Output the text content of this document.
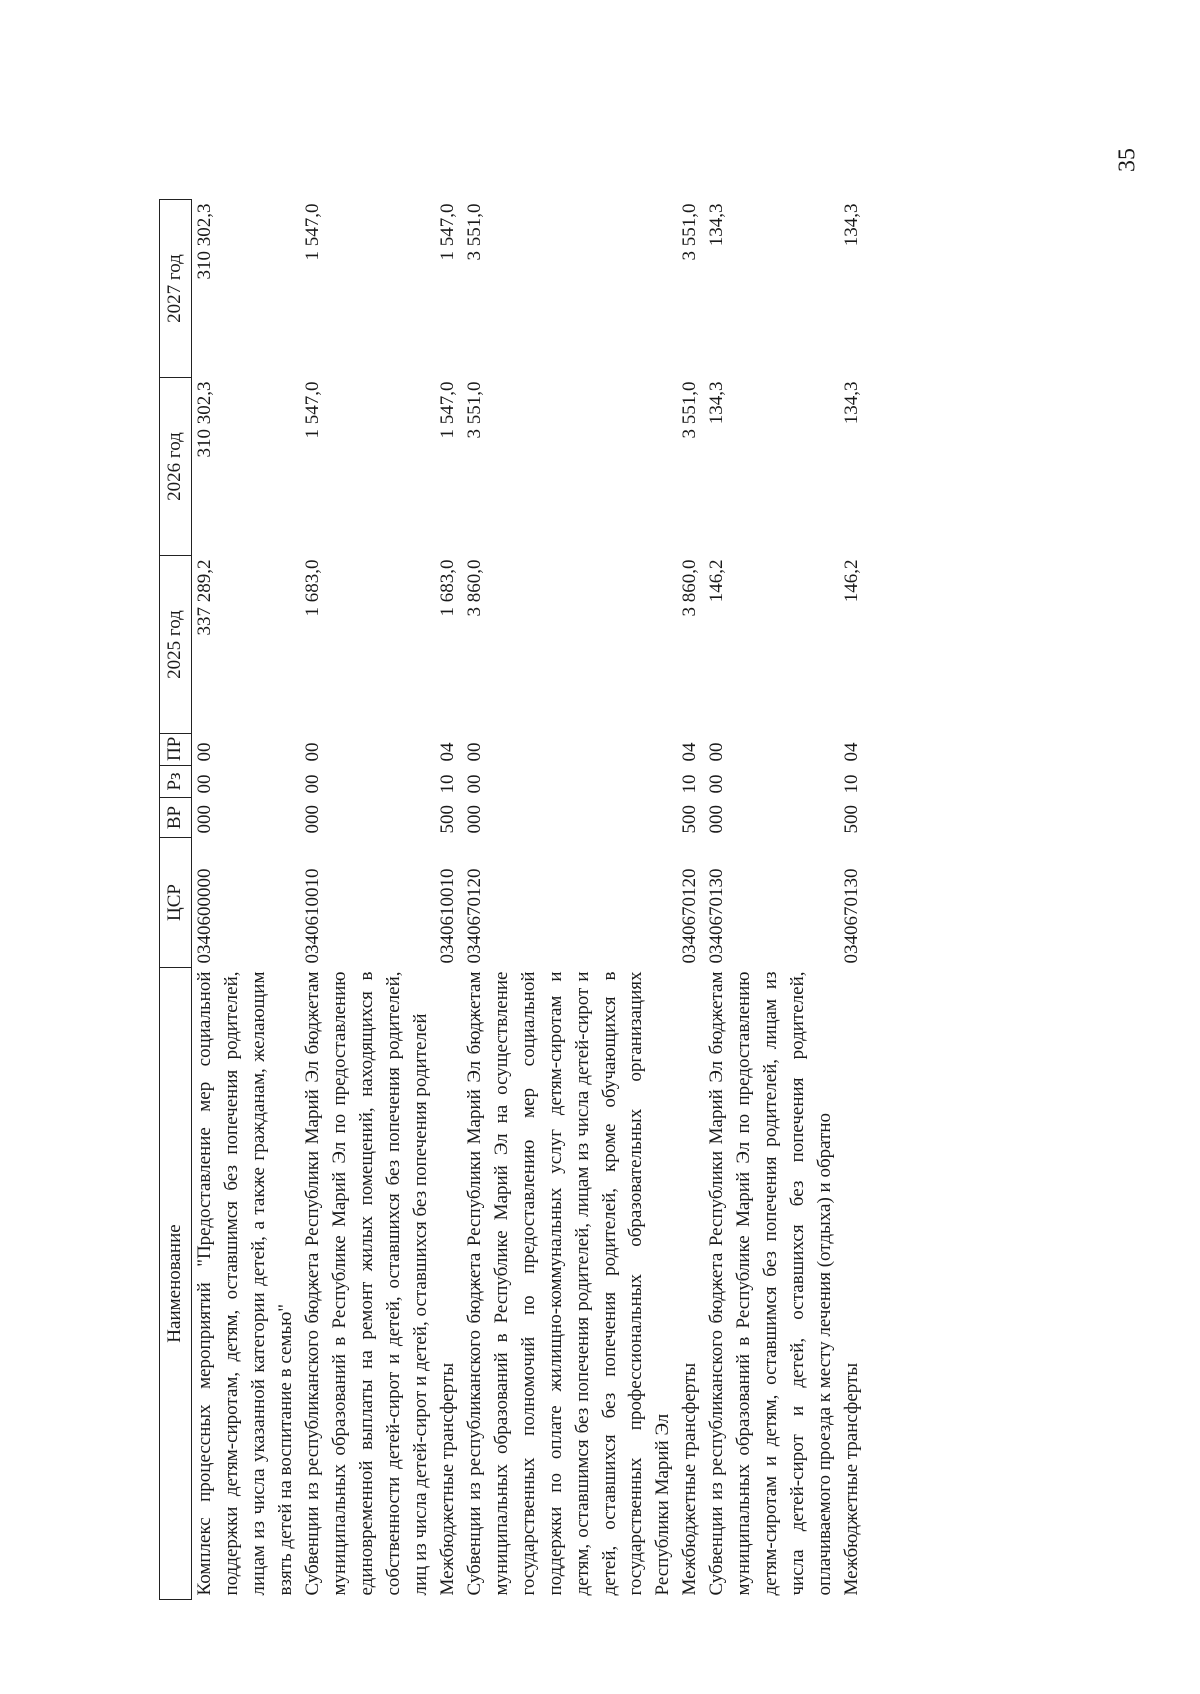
35
Наименование	ЦСР	ВР	Рз	ПР	2025 год	2026 год	2027 год
Комплекс процессных мероприятий "Предоставление мер социальной поддержки детям-сиротам, детям, оставшимся без попечения родителей, лицам из числа указанной категории детей, а также гражданам, желающим взять детей на воспитание в семью"	0340600000	000	00	00	337 289,2	310 302,3	310 302,3
Субвенции из республиканского бюджета Республики Марий Эл бюджетам муниципальных образований в Республике Марий Эл по предоставлению единовременной выплаты на ремонт жилых помещений, находящихся в собственности детей-сирот и детей, оставшихся без попечения родителей, лиц из числа детей-сирот и детей, оставшихся без попечения родителей	0340610010	000	00	00	1 683,0	1 547,0	1 547,0
Межбюджетные трансферты	0340610010	500	10	04	1 683,0	1 547,0	1 547,0
Субвенции из республиканского бюджета Республики Марий Эл бюджетам муниципальных образований в Республике Марий Эл на осуществление государственных полномочий по предоставлению мер социальной поддержки по оплате жилищно-коммунальных услуг детям-сиротам и детям, оставшимся без попечения родителей, лицам из числа детей-сирот и детей, оставшихся без попечения родителей, кроме обучающихся в государственных профессиональных образовательных организациях Республики Марий Эл	0340670120	000	00	00	3 860,0	3 551,0	3 551,0
Межбюджетные трансферты	0340670120	500	10	04	3 860,0	3 551,0	3 551,0
Субвенции из республиканского бюджета Республики Марий Эл бюджетам муниципальных образований в Республике Марий Эл по предоставлению детям-сиротам и детям, оставшимся без попечения родителей, лицам из числа детей-сирот и детей, оставшихся без попечения родителей, оплачиваемого проезда к месту лечения (отдыха) и обратно	0340670130	000	00	00	146,2	134,3	134,3
Межбюджетные трансферты	0340670130	500	10	04	146,2	134,3	134,3
